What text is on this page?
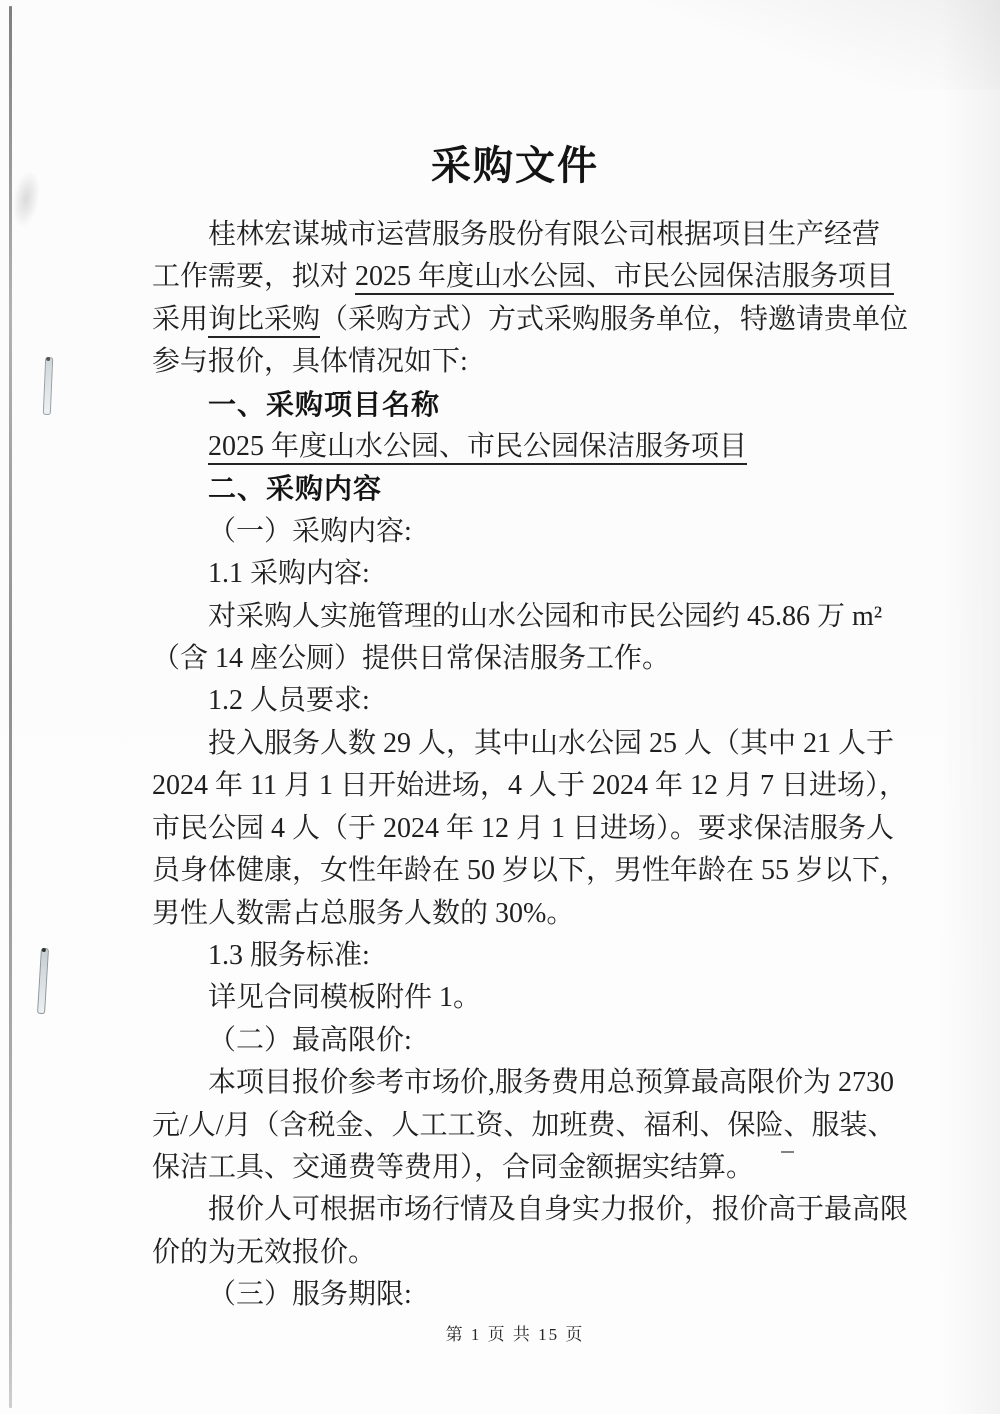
采购文件
桂林宏谋城市运营服务股份有限公司根据项目生产经营
工作需要，拟对 2025 年度山水公园、市民公园保洁服务项目
采用询比采购（采购方式）方式采购服务单位，特邀请贵单位
参与报价，具体情况如下:
一、采购项目名称
2025 年度山水公园、市民公园保洁服务项目
二、采购内容
（一）采购内容:
1.1 采购内容:
对采购人实施管理的山水公园和市民公园约 45.86 万 m²
（含 14 座公厕）提供日常保洁服务工作。
1.2 人员要求:
投入服务人数 29 人，其中山水公园 25 人（其中 21 人于
2024 年 11 月 1 日开始进场，4 人于 2024 年 12 月 7 日进场），
市民公园 4 人（于 2024 年 12 月 1 日进场）。要求保洁服务人
员身体健康，女性年龄在 50 岁以下，男性年龄在 55 岁以下，
男性人数需占总服务人数的 30%。
1.3 服务标准:
详见合同模板附件 1。
（二）最高限价:
本项目报价参考市场价,服务费用总预算最高限价为 2730
元/人/月（含税金、人工工资、加班费、福利、保险、服装、
保洁工具、交通费等费用），合同金额据实结算。
报价人可根据市场行情及自身实力报价，报价高于最高限
价的为无效报价。
（三）服务期限:
第 1 页 共 15 页
